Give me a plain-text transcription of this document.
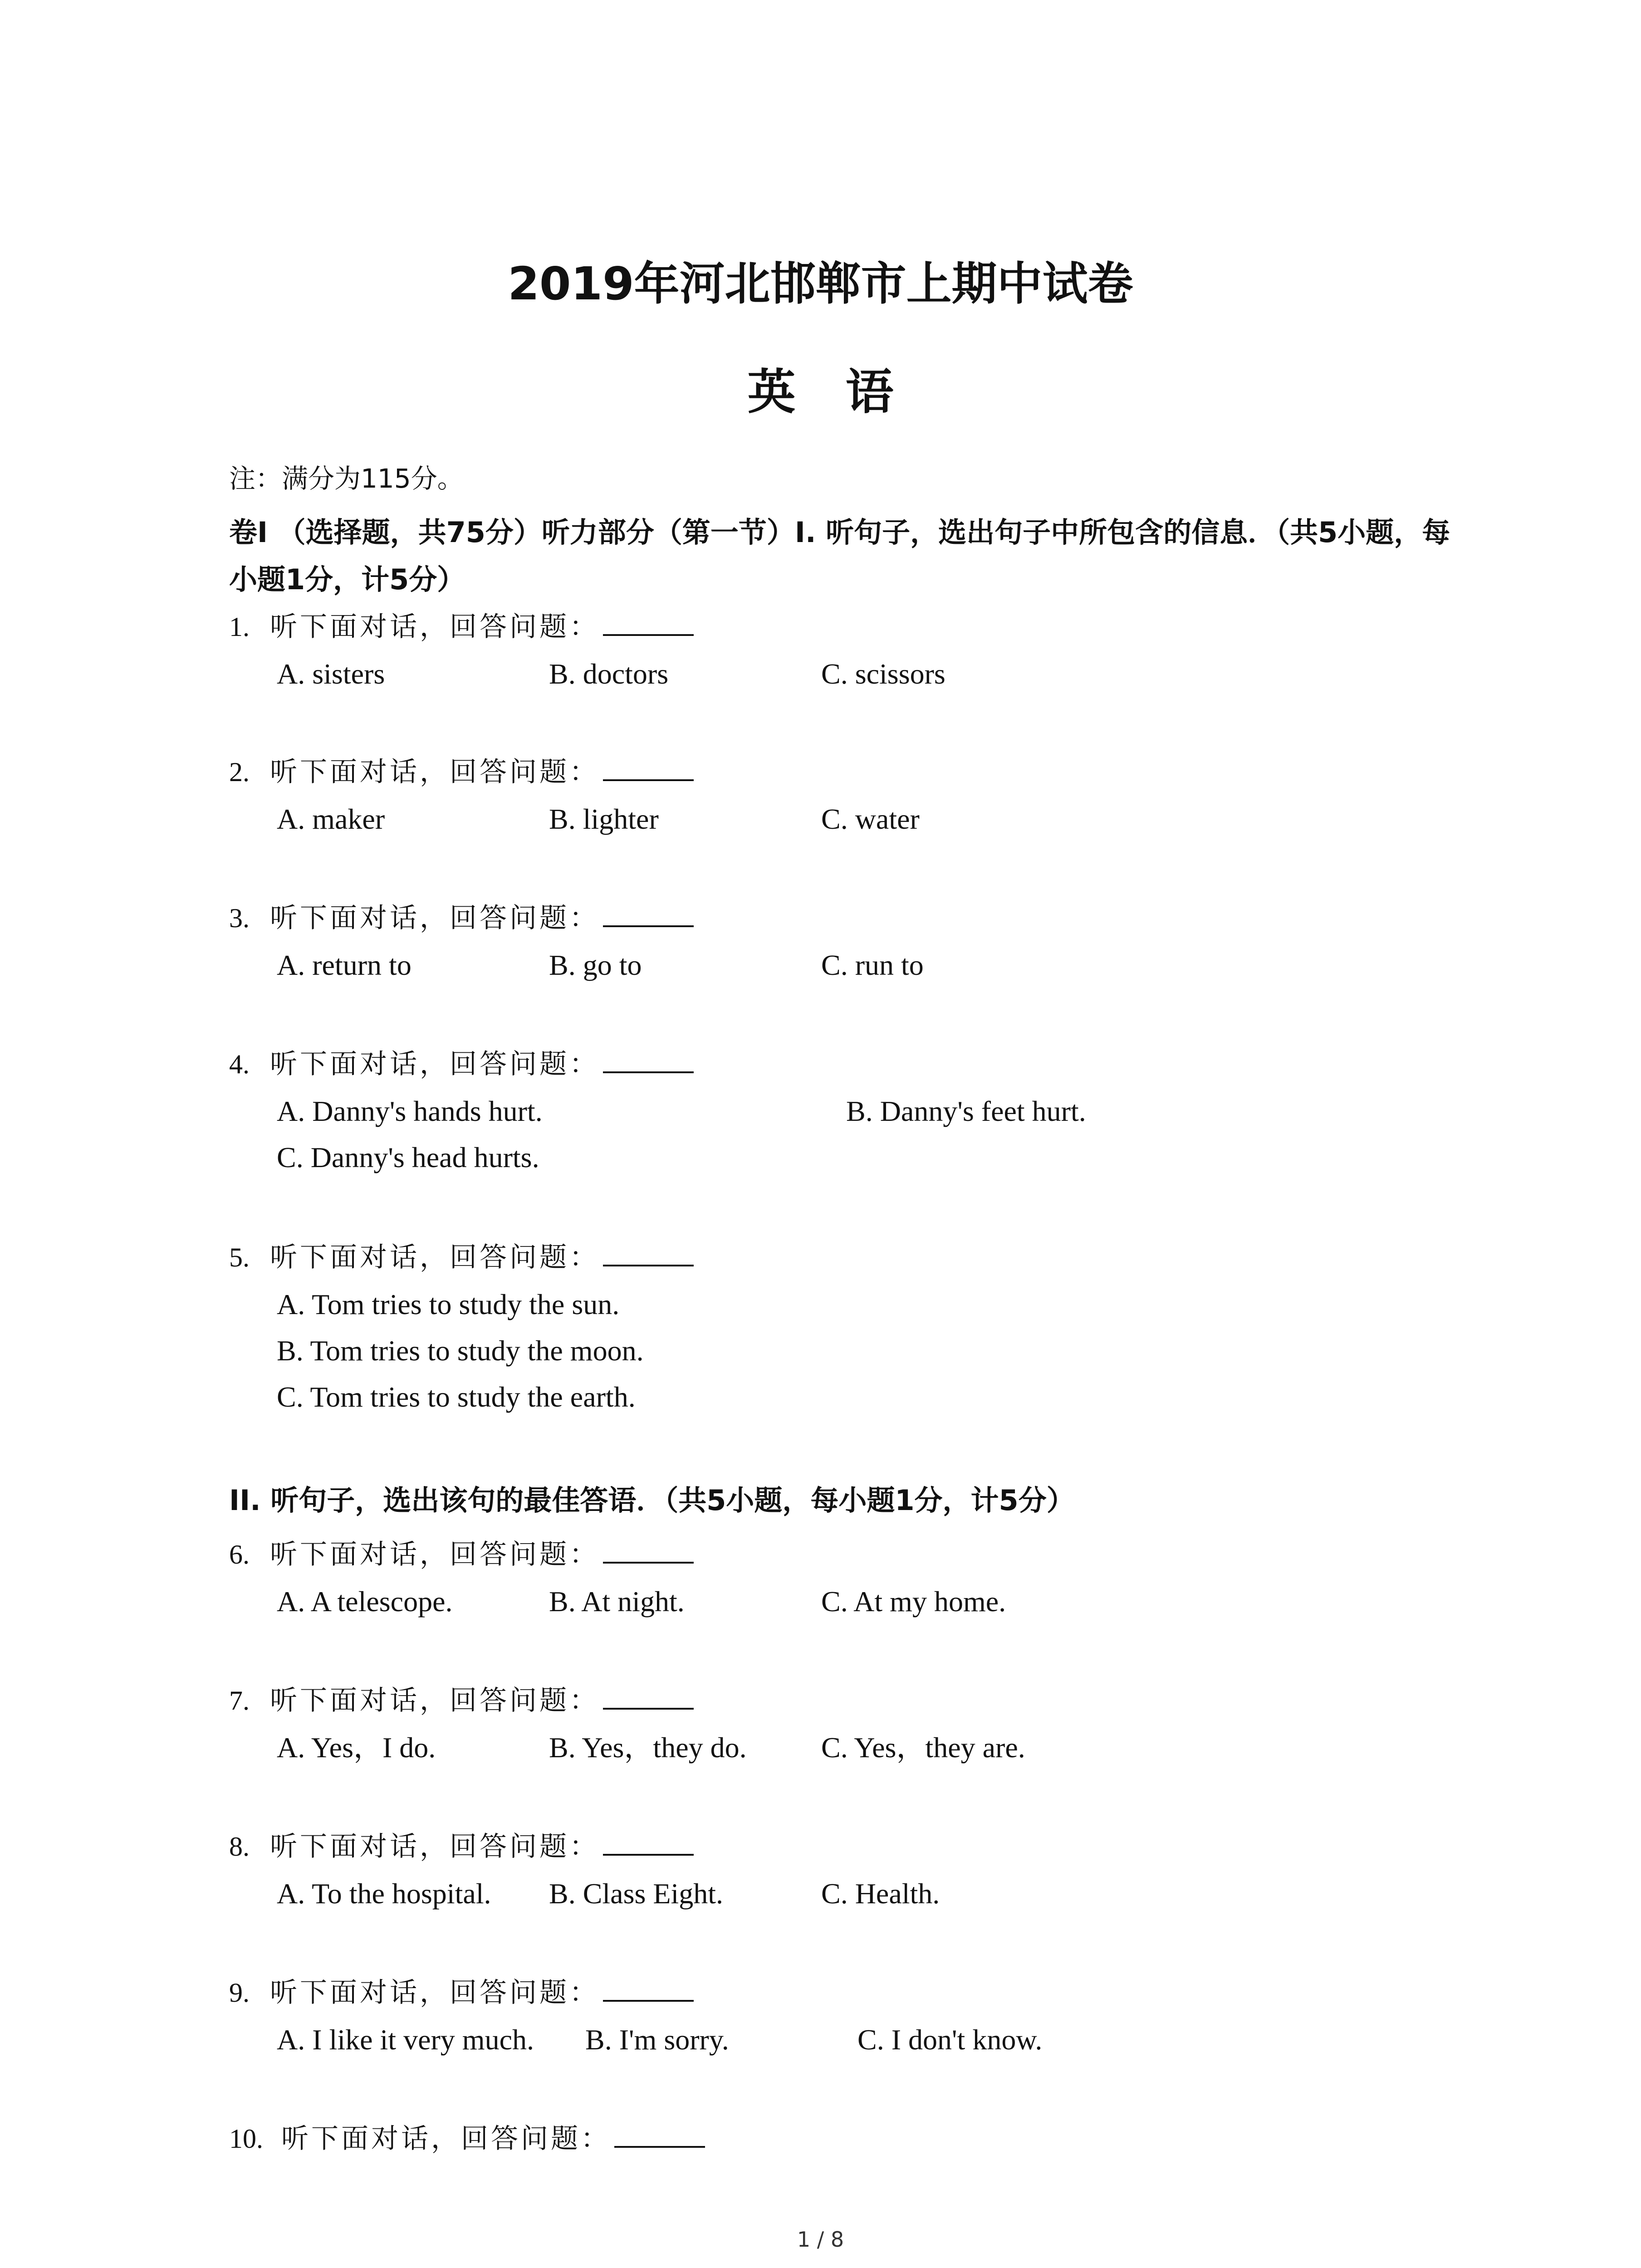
2019年河北邯郸市上期中试卷
英语
注：满分为115分。
卷I （选择题，共75分）听力部分（第一节）I. 听句子，选出句子中所包含的信息．（共5小题，每小题1分，计5分）
1. 听下面对话，回答问题：
A. sisters	B. doctors	C. scissors
2. 听下面对话，回答问题：
A. maker	B. lighter	C. water
3. 听下面对话，回答问题：
A. return to	B. go to	C. run to
4. 听下面对话，回答问题：
A. Danny's hands hurt.	B. Danny's feet hurt.
C. Danny's head hurts.
5. 听下面对话，回答问题：
A. Tom tries to study the sun.
B. Tom tries to study the moon.
C. Tom tries to study the earth.
II. 听句子，选出该句的最佳答语．（共5小题，每小题1分，计5分）
6. 听下面对话，回答问题：
A. A telescope.	B. At night.	C. At my home.
7. 听下面对话，回答问题：
A. Yes，I do.	B. Yes，they do.	C. Yes，they are.
8. 听下面对话，回答问题：
A. To the hospital. B. Class Eight.	C. Health.
9. 听下面对话，回答问题：
A. I like it very much. B. I'm sorry.	C. I don't know.
10. 听下面对话，回答问题：
1 / 8
